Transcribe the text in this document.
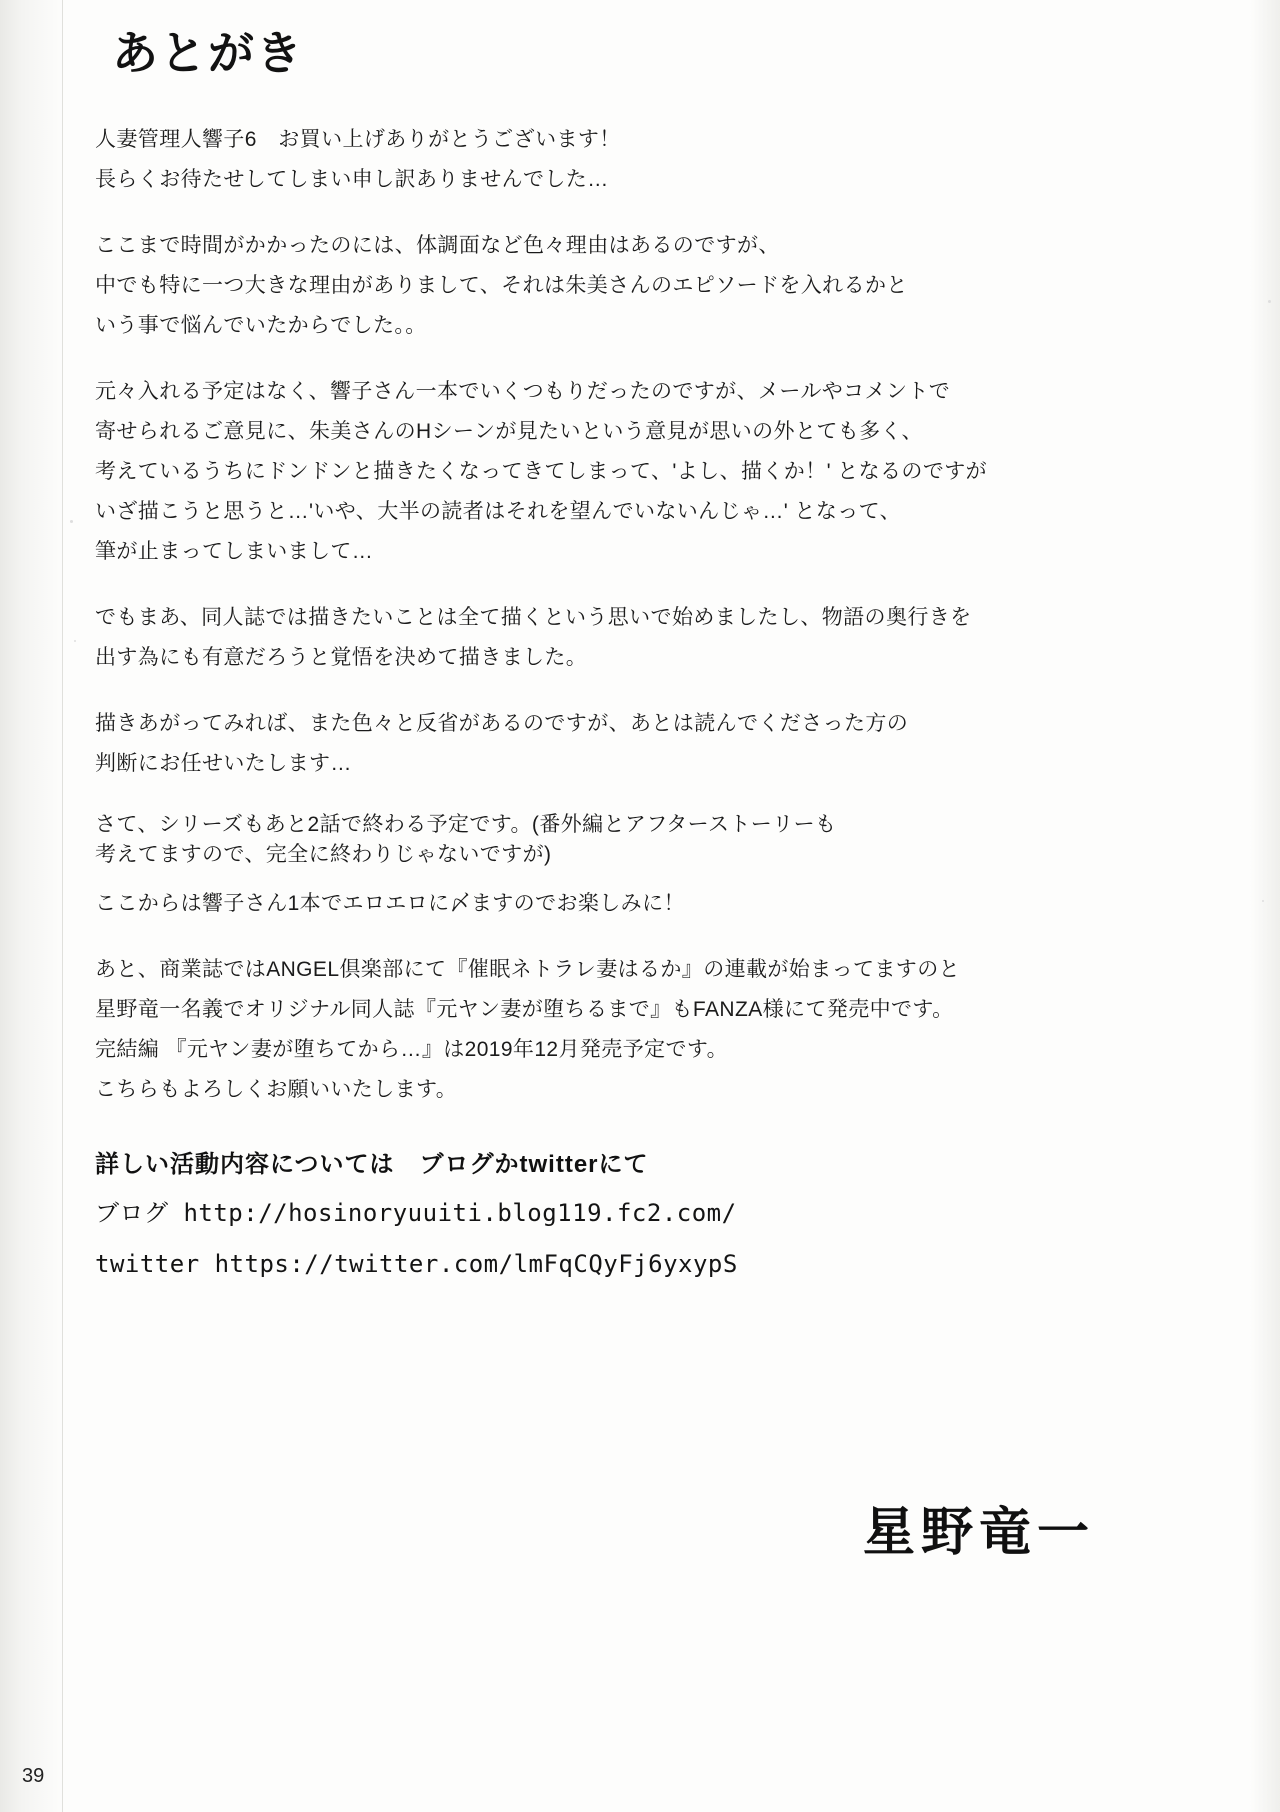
あとがき

人妻管理人響子6　お買い上げありがとうございます！
長らくお待たせしてしまい申し訳ありませんでした…

ここまで時間がかかったのには、体調面など色々理由はあるのですが、
中でも特に一つ大きな理由がありまして、それは朱美さんのエピソードを入れるかと
いう事で悩んでいたからでした。。

元々入れる予定はなく、響子さん一本でいくつもりだったのですが、メールやコメントで
寄せられるご意見に、朱美さんのHシーンが見たいという意見が思いの外とても多く、
考えているうちにドンドンと描きたくなってきてしまって、'よし、描くか！' となるのですが
いざ描こうと思うと…'いや、大半の読者はそれを望んでいないんじゃ…' となって、
筆が止まってしまいまして…

でもまあ、同人誌では描きたいことは全て描くという思いで始めましたし、物語の奥行きを
出す為にも有意だろうと覚悟を決めて描きました。

描きあがってみれば、また色々と反省があるのですが、あとは読んでくださった方の
判断にお任せいたします…

さて、シリーズもあと2話で終わる予定です。(番外編とアフターストーリーも
考えてますので、完全に終わりじゃないですが)

ここからは響子さん1本でエロエロに〆ますのでお楽しみに！

あと、商業誌ではANGEL倶楽部にて『催眠ネトラレ妻はるか』の連載が始まってますのと
星野竜一名義でオリジナル同人誌『元ヤン妻が堕ちるまで』もFANZA様にて発売中です。
完結編 『元ヤン妻が堕ちてから…』は2019年12月発売予定です。
こちらもよろしくお願いいたします。

詳しい活動内容については　ブログかtwitterにて
ブログ http://hosinoryuuiti.blog119.fc2.com/
twitter https://twitter.com/lmFqCQyFj6yxypS
星野竜一
39
